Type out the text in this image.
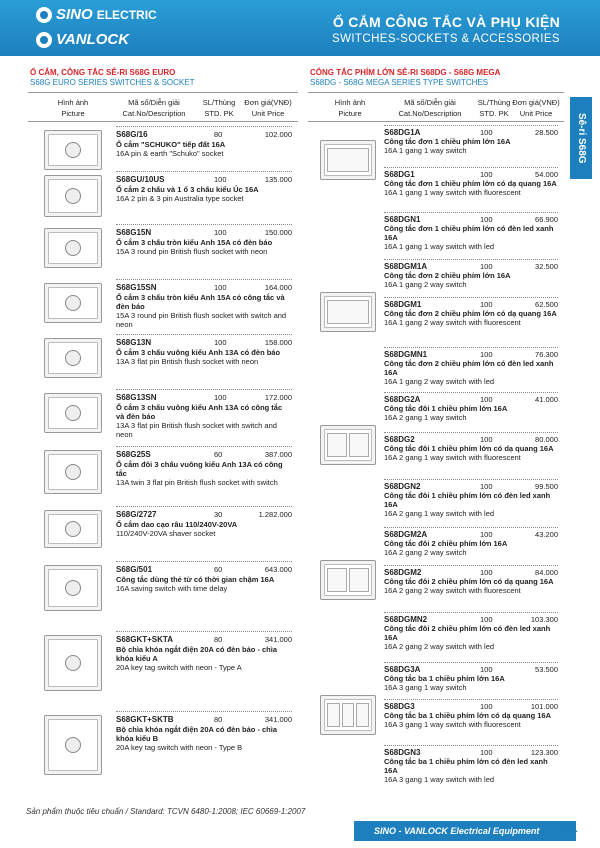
SINO ELECTRIC
VANLOCK
Ổ CẮM CÔNG TẮC VÀ PHỤ KIỆN
SWITCHES-SOCKETS & ACCESSORIES
Ổ CẮM, CÔNG TẮC SÊ-RI S68G EURO
S68G EURO SERIES SWITCHES & SOCKET
CÔNG TẮC PHÍM LỚN SÊ-RI S68DG - S68G MEGA
S68DG - S68G MEGA SERIES TYPE SWITCHES
Hình ảnh
Picture
Mã số/Diễn giải
Cat.No/Description
SL/Thùng
STD. PK
Đơn giá(VNĐ)
Unit Price
Hình ảnh
Picture
Mã số/Diễn giải
Cat.No/Description
SL/Thùng
STD. PK
Đơn giá(VNĐ)
Unit Price	Sê-ri S68G
S68G/16	80	102.000
Ổ cắm "SCHUKO" tiếp đất 16A
16A pin & earth "Schuko" socket
S68GU/10US	100	135.000
Ổ cắm 2 chấu và 1 ổ 3 chấu kiểu Úc 16A
16A 2 pin & 3 pin Australia type socket
S68G15N	100	150.000
Ổ cắm 3 chấu tròn kiểu Anh 15A có đèn báo
15A 3 round pin British flush socket with neon
S68G15SN	100	164.000
Ổ cắm 3 chấu tròn kiểu Anh 15A có công tắc và đèn báo
15A 3 round pin British flush socket with switch and neon
S68G13N	100	158.000
Ổ cắm 3 chấu vuông kiểu Anh 13A có đèn báo
13A 3 flat pin British flush socket with neon
S68G13SN	100	172.000
Ổ cắm 3 chấu vuông kiểu Anh 13A có công tắc và đèn báo
13A 3 flat pin British flush socket with switch and neon
S68G25S	60	387.000
Ổ cắm đôi 3 chấu vuông kiểu Anh 13A có công tắc
13A twin 3 flat pin British flush socket with switch
S68G/2727	30	1.282.000
Ổ cắm dao cạo râu 110/240V-20VA
110/240V-20VA shaver socket
S68G/501	60	643.000
Công tắc dùng thẻ từ có thời gian chậm 16A
16A saving switch with time delay
S68GKT+SKTA	80	341.000
Bộ chìa khóa ngắt điện 20A có đèn báo - chìa khóa kiểu A
20A key tag switch with neon - Type A
S68GKT+SKTB	80	341.000
Bộ chìa khóa ngắt điện 20A có đèn báo - chìa khóa kiểu B
20A key tag switch with neon - Type B
S68DG1A	100	28.500
Công tắc đơn 1 chiều phím lớn 16A
16A 1 gang 1 way switch
S68DG1	100	54.000
Công tắc đơn 1 chiều phím lớn có dạ quang 16A
16A 1 gang 1 way switch with fluorescent
S68DGN1	100	66.900
Công tắc đơn 1 chiều phím lớn có đèn led xanh 16A
16A 1 gang 1 way switch with led
S68DGM1A	100	32.500
Công tắc đơn 2 chiều phím lớn 16A
16A 1 gang 2 way switch
S68DGM1	100	62.500
Công tắc đơn 2 chiều phím lớn có dạ quang 16A
16A 1 gang 2 way switch with fluorescent
S68DGMN1	100	76.300
Công tắc đơn 2 chiều phím lớn có đèn led xanh 16A
16A 1 gang 2 way switch with led
S68DG2A	100	41.000
Công tắc đôi 1 chiều phím lớn 16A
16A 2 gang 1 way switch
S68DG2	100	80.000
Công tắc đôi 1 chiều phím lớn có dạ quang 16A
16A 2 gang 1 way switch with fluorescent
S68DGN2	100	99.500
Công tắc đôi 1 chiều phím lớn có đèn led xanh 16A
16A 2 gang 1 way switch with led
S68DGM2A	100	43.200
Công tắc đôi 2 chiều phím lớn 16A
16A 2 gang 2 way switch
S68DGM2	100	84.000
Công tắc đôi 2 chiều phím lớn có dạ quang 16A
16A 2 gang 2 way switch with fluorescent
S68DGMN2	100	103.300
Công tắc đôi 2 chiều phím lớn có đèn led xanh 16A
16A 2 gang 2 way switch with led
S68DG3A	100	53.500
Công tắc ba 1 chiều phím lớn 16A
16A 3 gang 1 way switch
S68DG3	100	101.000
Công tắc ba 1 chiều phím lớn có dạ quang 16A
16A 3 gang 1 way switch with fluorescent
S68DGN3	100	123.300
Công tắc ba 1 chiều phím lớn có đèn led xanh 16A
16A 3 gang 1 way switch with led
Sản phẩm thuộc tiêu chuẩn / Standard: TCVN 6480-1:2008; IEC 60669-1:2007
SINO - VANLOCK Electrical Equipment	51
